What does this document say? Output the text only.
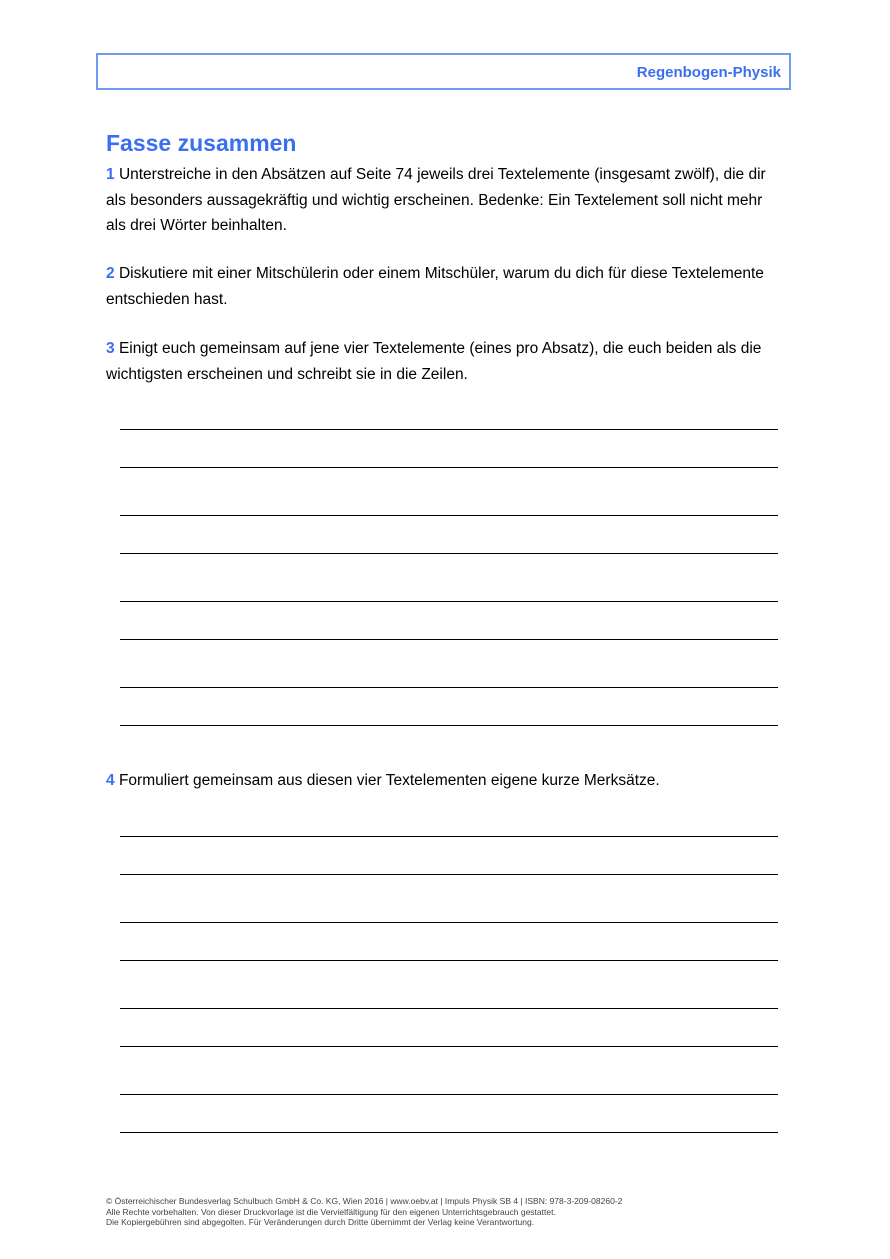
Regenbogen-Physik
Fasse zusammen

1 Unterstreiche in den Absätzen auf Seite 74 jeweils drei Textelemente (insgesamt zwölf), die dir als besonders aussagekräftig und wichtig erscheinen. Bedenke: Ein Textelement soll nicht mehr als drei Wörter beinhalten.

2 Diskutiere mit einer Mitschülerin oder einem Mitschüler, warum du dich für diese Textelemente entschieden hast.

3 Einigt euch gemeinsam auf jene vier Textelemente (eines pro Absatz), die euch beiden als die wichtigsten erscheinen und schreibt sie in die Zeilen.

4 Formuliert gemeinsam aus diesen vier Textelementen eigene kurze Merksätze.

© Österreichischer Bundesverlag Schulbuch GmbH & Co. KG, Wien 2016 | www.oebv.at | Impuls Physik SB 4 | ISBN: 978-3-209-08260-2
Alle Rechte vorbehalten. Von dieser Druckvorlage ist die Vervielfältigung für den eigenen Unterrichtsgebrauch gestattet.
Die Kopiergebühren sind abgegolten. Für Veränderungen durch Dritte übernimmt der Verlag keine Verantwortung.
